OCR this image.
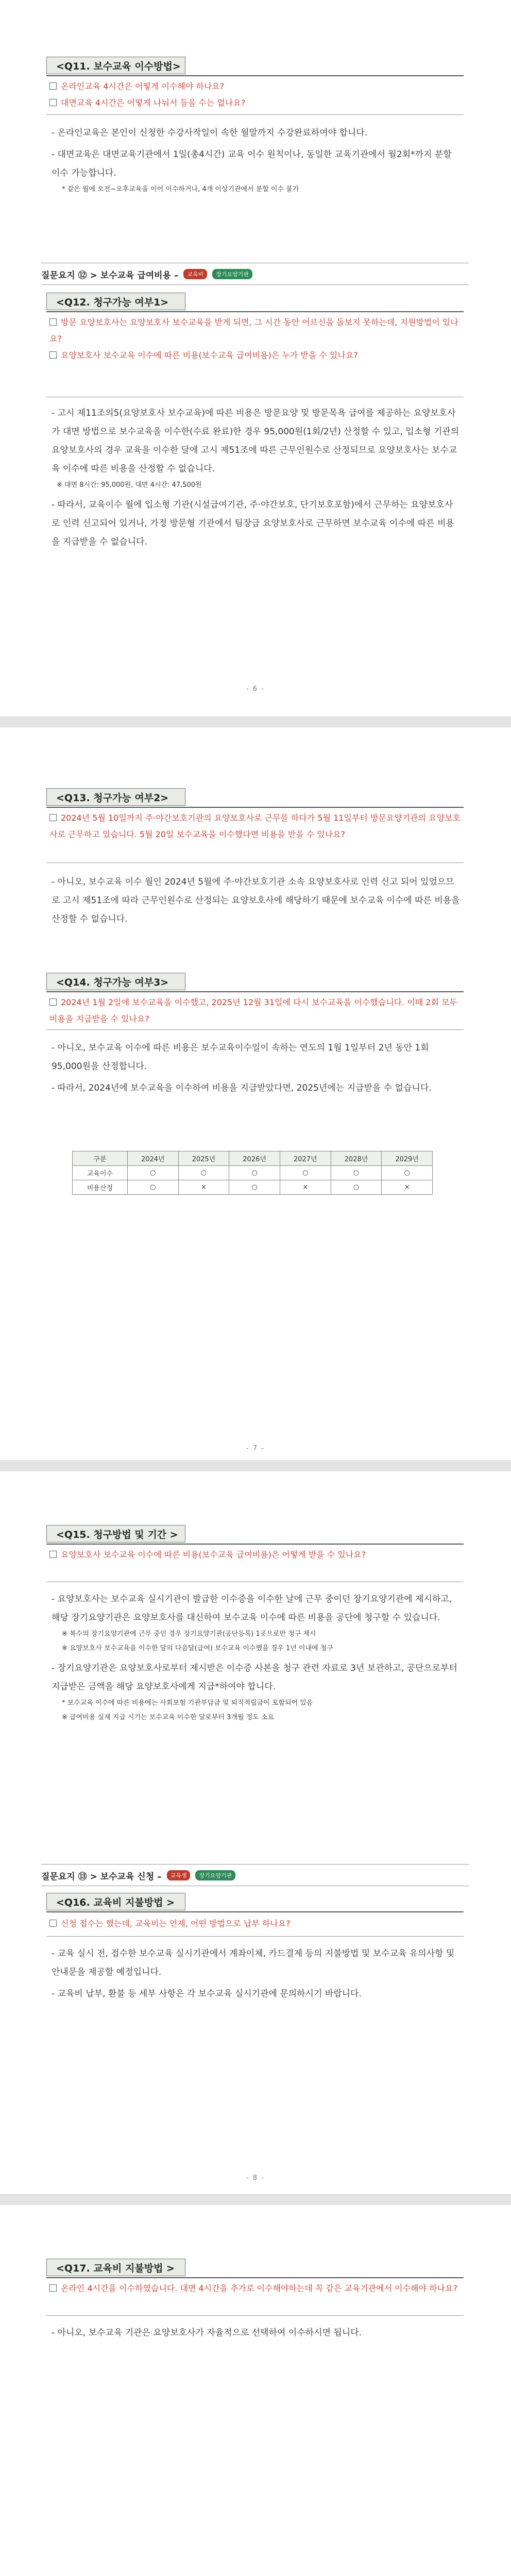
<Q11. 보수교육 이수방법>
온라인교육 4시간은 어떻게 이수해야 하나요?
대면교육 4시간은 어떻게 나눠서 들을 수는 없나요?

- 온라인교육은 본인이 신청한 수강사작일이 속한 월말까지 수강완료하여야 합니다.

- 대면교육은 대면교육기관에서 1일(총4시간) 교육 이수 원칙이나, 동일한 교육기관에서 월2회*까지 분할 이수 가능합니다.

* 같은 월에 오전~오후교육을 이어 이수하거나, 4개 이상기관에서 분할 이수 불가

질문요지 ⑫ > 보수교육 급여비용 –	교육비	장기요양기관
<Q12. 청구가능 여부1>
방문 요양보호사는 요양보호사 보수교육을 받게 되면, 그 시간 동안 어르신을 돌보지 못하는데, 지원방법이 있나요?
요양보호사 보수교육 이수에 따른 비용(보수교육 급여비용)은 누가 받을 수 있나요?

- 고시 제11조의5(요양보호사 보수교육)에 따른 비용은 방문요양 및 방문목욕 급여를 제공하는 요양보호사가 대면 방법으로 보수교육을 이수한(수료 완료)한 경우 95,000원(1회/2년) 산정할 수 있고, 입소형 기관의 요양보호사의 경우 교육을 이수한 달에 고시 제51조에 따른 근무인원수로 산정되므로 요양보호사는 보수교육 이수에 따른 비용을 산정할 수 없습니다.

※ 대면 8시간: 95,000원, 대면 4시간: 47,500원

- 따라서, 교육이수 월에 입소형 기관(시설급여기관, 주·야간보호, 단기보호포함)에서 근무하는 요양보호사로 인력 신고되어 있거나, 가정 방문형 기관에서 팀장급 요양보호사로 근무하면 보수교육 이수에 따른 비용을 지급받을 수 없습니다.

- 6 -
<Q13. 청구가능 여부2>
2024년 5월 10일까지 주·야간보호기관의 요양보호사로 근무를 하다가 5월 11일부터 방문요양기관의 요양보호사로 근무하고 있습니다. 5월 20일 보수교육을 이수했다면 비용을 받을 수 있나요?

- 아니오, 보수교육 이수 월인 2024년 5월에 주·야간보호기관 소속 요양보호사로 인력 신고 되어 있었으므로 고시 제51조에 따라 근무인원수로 산정되는 요양보호사에 해당하기 때문에 보수교육 이수에 따른 비용을 산정할 수 없습니다.

<Q14. 청구가능 여부3>
2024년 1월 2일에 보수교육을 이수했고, 2025년 12월 31일에 다시 보수교육을 이수했습니다. 이때 2회 모두 비용을 지급받을 수 있나요?

- 아니오, 보수교육 이수에 따른 비용은 보수교육이수일이 속하는 연도의 1월 1일부터 2년 동안 1회 95,000원을 산정합니다.

- 따라서, 2024년에 보수교육을 이수하여 비용을 지급받았다면, 2025년에는 지급받을 수 없습니다.

구분	2024년	2025년	2026년	2027년	2028년	2029년
교육이수	○	○	○	○	○	○
비용산정	○	×	○	×	○	×
- 7 -
<Q15. 청구방법 및 기간 >
요양보호사 보수교육 이수에 따른 비용(보수교육 급여비용)은 어떻게 받을 수 있나요?

- 요양보호사는 보수교육 실시기관이 발급한 이수증을 이수한 날에 근무 중이던 장기요양기관에 제시하고, 해당 장기요양기관은 요양보호사를 대신하여 보수교육 이수에 따른 비용을 공단에 청구할 수 있습니다.

※ 복수의 장기요양기관에 근무 중인 경우 장기요양기관(공단등록) 1곳으로만 청구 제시

※ 요양보호사 보수교육을 이수한 달의 다음달(급여) 보수교육 이수했을 경우 1년 이내에 청구

- 장기요양기관은 요양보호사로부터 제시받은 이수증 사본을 청구 관련 자료로 3년 보관하고, 공단으로부터 지급받은 금액을 해당 요양보호사에게 지급*하여야 합니다.

* 보수교육 이수에 따른 비용에는 사회보험 기관부담금 및 퇴직적립금이 포함되어 있음

※ 급여비용 실제 지급 시기는 보수교육 이수한 달로부터 3개월 정도 소요

질문요지 ⑬ > 보수교육 신청 –	교육생	장기요양기관
<Q16. 교육비 지불방법 >
신청 접수는 했는데, 교육비는 언제, 어떤 방법으로 납부 하나요?

- 교육 실시 전, 접수한 보수교육 실시기관에서 계좌이체, 카드결제 등의 지불방법 및 보수교육 유의사항 및 안내문을 제공할 예정입니다.

- 교육비 납부, 환불 등 세부 사항은 각 보수교육 실시기관에 문의하시기 바랍니다.

- 8 -
<Q17. 교육비 지불방법 >
온라인 4시간을 이수하였습니다. 대면 4시간을 추가로 이수해야하는데 꼭 같은 교육기관에서 이수해야 하나요?

- 아니오, 보수교육 기관은 요양보호사가 자율적으로 선택하여 이수하시면 됩니다.
